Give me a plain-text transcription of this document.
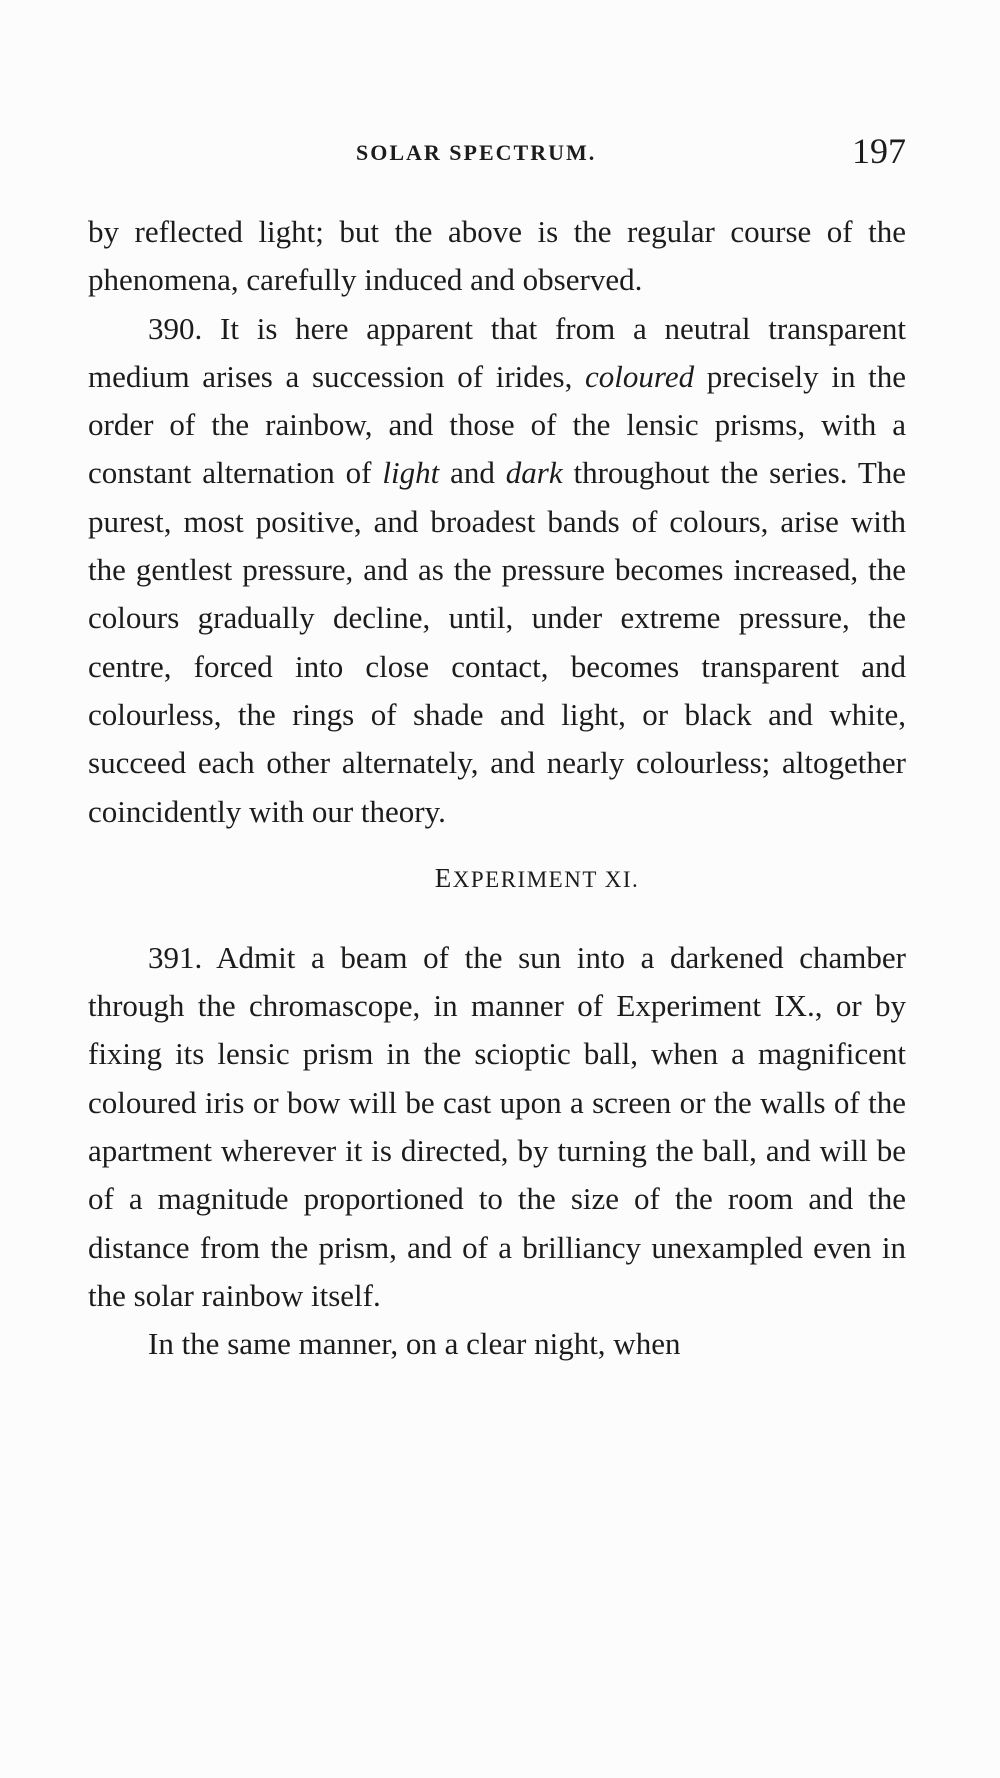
SOLAR SPECTRUM.	197

by reflected light; but the above is the regular course of the phenomena, carefully induced and observed.

390. It is here apparent that from a neutral transparent medium arises a succession of irides, coloured precisely in the order of the rainbow, and those of the lensic prisms, with a constant alternation of light and dark throughout the series. The purest, most positive, and broadest bands of colours, arise with the gentlest pressure, and as the pressure becomes increased, the colours gradually decline, until, under extreme pressure, the centre, forced into close contact, becomes transparent and colourless, the rings of shade and light, or black and white, succeed each other alternately, and nearly colourless; altogether coincidently with our theory.

EXPERIMENT XI.

391. Admit a beam of the sun into a darkened chamber through the chromascope, in manner of Experiment IX., or by fixing its lensic prism in the scioptic ball, when a magnificent coloured iris or bow will be cast upon a screen or the walls of the apartment wherever it is directed, by turning the ball, and will be of a magnitude proportioned to the size of the room and the distance from the prism, and of a brilliancy unexampled even in the solar rainbow itself.

In the same manner, on a clear night, when
